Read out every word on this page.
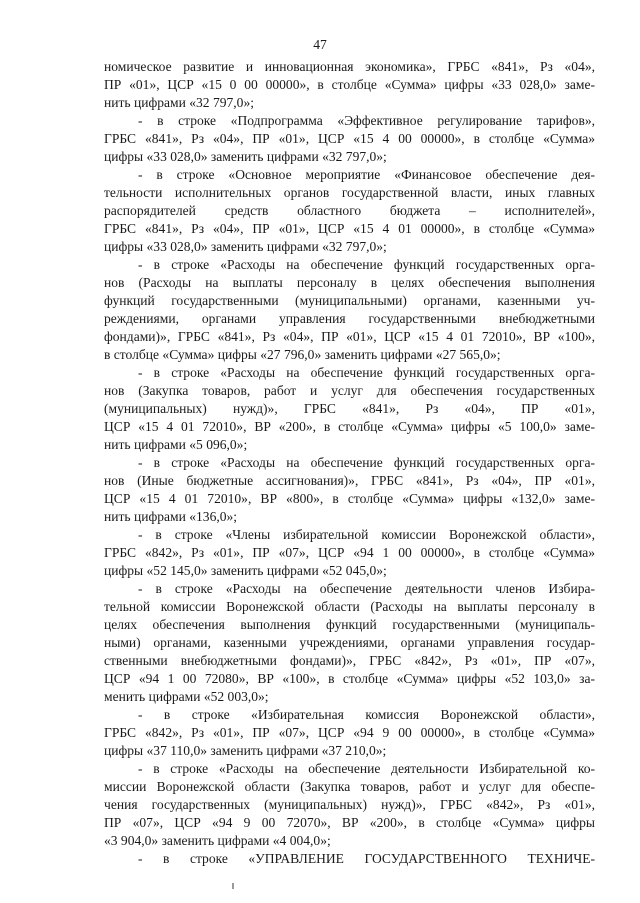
47
номическое развитие и инновационная экономика», ГРБС «841», Рз «04»,
ПР «01», ЦСР «15 0 00 00000», в столбце «Сумма» цифры «33 028,0» заме-
нить цифрами «32 797,0»;
- в строке «Подпрограмма «Эффективное регулирование тарифов»,
ГРБС «841», Рз «04», ПР «01», ЦСР «15 4 00 00000», в столбце «Сумма»
цифры «33 028,0» заменить цифрами «32 797,0»;
- в строке «Основное мероприятие «Финансовое обеспечение дея-
тельности исполнительных органов государственной власти, иных главных
распорядителей средств областного бюджета – исполнителей»,
ГРБС «841», Рз «04», ПР «01», ЦСР «15 4 01 00000», в столбце «Сумма»
цифры «33 028,0» заменить цифрами «32 797,0»;
- в строке «Расходы на обеспечение функций государственных орга-
нов (Расходы на выплаты персоналу в целях обеспечения выполнения
функций государственными (муниципальными) органами, казенными уч-
реждениями, органами управления государственными внебюджетными
фондами)», ГРБС «841», Рз «04», ПР «01», ЦСР «15 4 01 72010», ВР «100»,
в столбце «Сумма» цифры «27 796,0» заменить цифрами «27 565,0»;
- в строке «Расходы на обеспечение функций государственных орга-
нов (Закупка товаров, работ и услуг для обеспечения государственных
(муниципальных) нужд)», ГРБС «841», Рз «04», ПР «01»,
ЦСР «15 4 01 72010», ВР «200», в столбце «Сумма» цифры «5 100,0» заме-
нить цифрами «5 096,0»;
- в строке «Расходы на обеспечение функций государственных орга-
нов (Иные бюджетные ассигнования)», ГРБС «841», Рз «04», ПР «01»,
ЦСР «15 4 01 72010», ВР «800», в столбце «Сумма» цифры «132,0» заме-
нить цифрами «136,0»;
- в строке «Члены избирательной комиссии Воронежской области»,
ГРБС «842», Рз «01», ПР «07», ЦСР «94 1 00 00000», в столбце «Сумма»
цифры «52 145,0» заменить цифрами «52 045,0»;
- в строке «Расходы на обеспечение деятельности членов Избира-
тельной комиссии Воронежской области (Расходы на выплаты персоналу в
целях обеспечения выполнения функций государственными (муниципаль-
ными) органами, казенными учреждениями, органами управления государ-
ственными внебюджетными фондами)», ГРБС «842», Рз «01», ПР «07»,
ЦСР «94 1 00 72080», ВР «100», в столбце «Сумма» цифры «52 103,0» за-
менить цифрами «52 003,0»;
- в строке «Избирательная комиссия Воронежской области»,
ГРБС «842», Рз «01», ПР «07», ЦСР «94 9 00 00000», в столбце «Сумма»
цифры «37 110,0» заменить цифрами «37 210,0»;
- в строке «Расходы на обеспечение деятельности Избирательной ко-
миссии Воронежской области (Закупка товаров, работ и услуг для обеспе-
чения государственных (муниципальных) нужд)», ГРБС «842», Рз «01»,
ПР «07», ЦСР «94 9 00 72070», ВР «200», в столбце «Сумма» цифры
«3 904,0» заменить цифрами «4 004,0»;
- в строке «УПРАВЛЕНИЕ ГОСУДАРСТВЕННОГО ТЕХНИЧЕ-
